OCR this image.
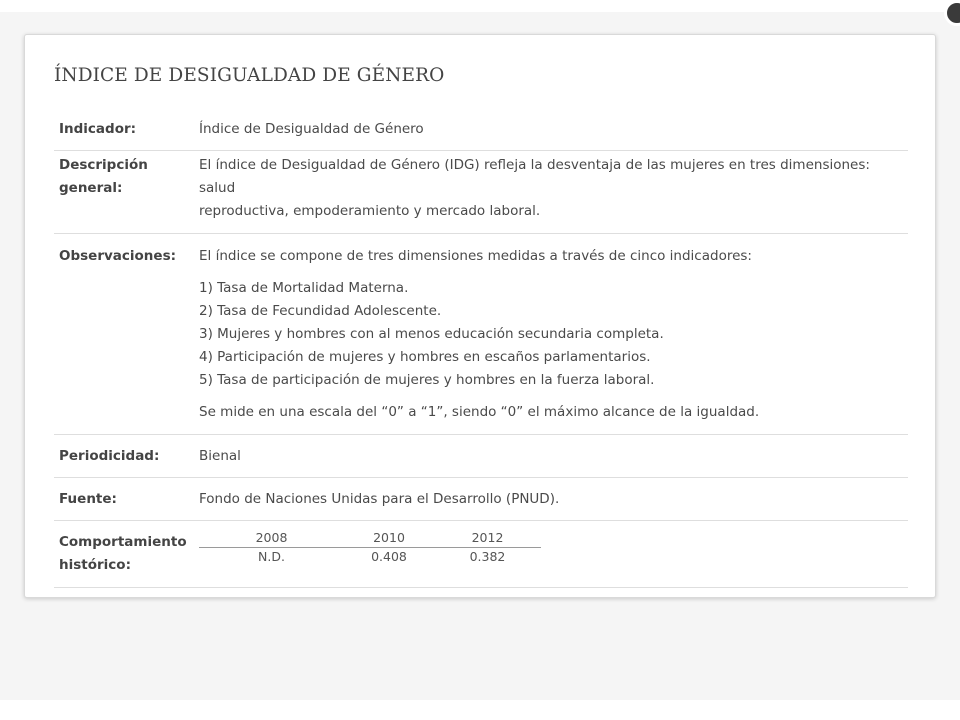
ÍNDICE DE DESIGUALDAD DE GÉNERO
Indicador:	Índice de Desigualdad de Género
Descripción
general:
El índice de Desigualdad de Género (IDG) refleja la desventaja de las mujeres en tres dimensiones: salud
reproductiva, empoderamiento y mercado laboral.
Observaciones:	El índice se compone de tres dimensiones medidas a través de cinco indicadores:
1) Tasa de Mortalidad Materna.
2) Tasa de Fecundidad Adolescente.
3) Mujeres y hombres con al menos educación secundaria completa.
4) Participación de mujeres y hombres en escaños parlamentarios.
5) Tasa de participación de mujeres y hombres en la fuerza laboral.
Se mide en una escala del “0” a “1”, siendo “0” el máximo alcance de la igualdad.
Periodicidad:	Bienal
Fuente:	Fondo de Naciones Unidas para el Desarrollo (PNUD).
Comportamiento
histórico:
2008	2010	2012
N.D.	0.408	0.382
